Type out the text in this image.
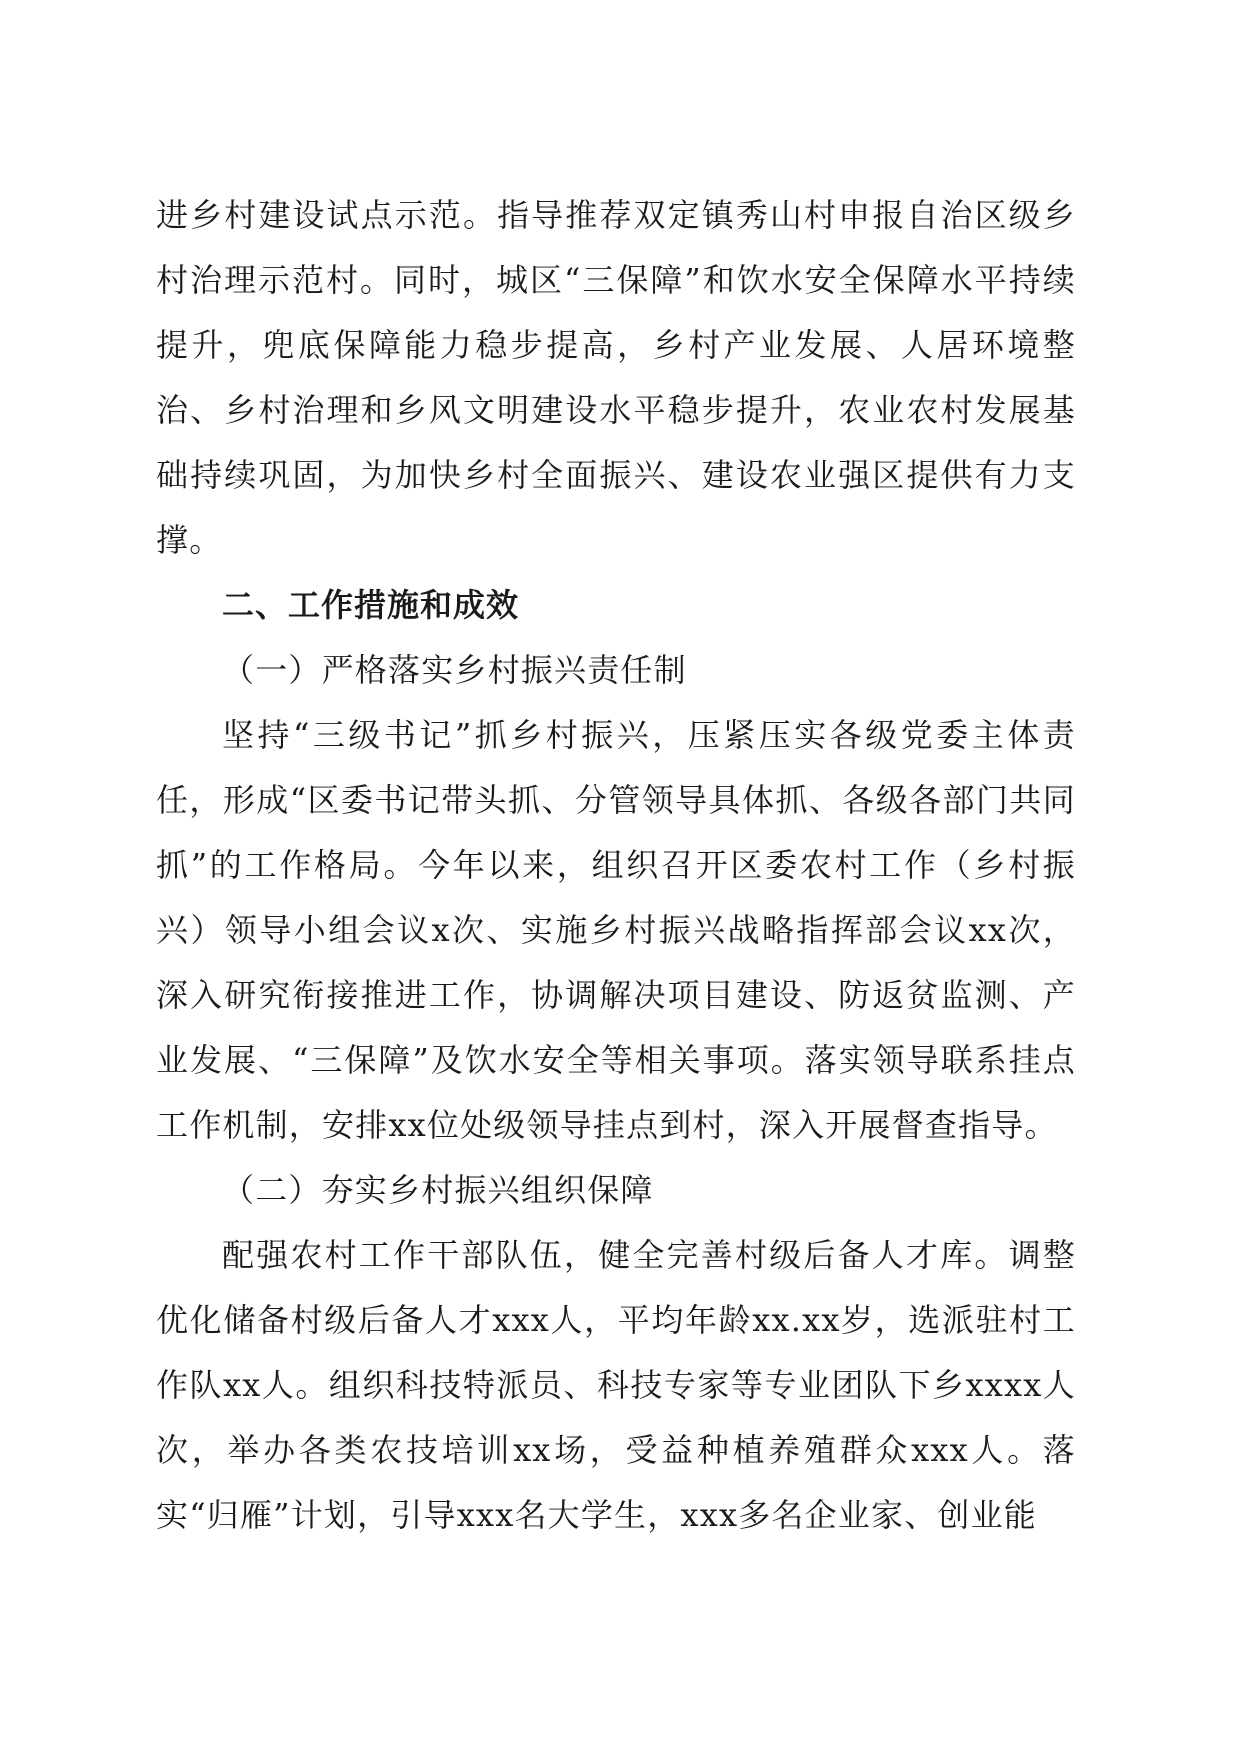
进乡村建设试点示范。指导推荐双定镇秀山村申报自治区级乡村治理示范村。同时，城区“三保障”和饮水安全保障水平持续提升，兜底保障能力稳步提高，乡村产业发展、人居环境整治、乡村治理和乡风文明建设水平稳步提升，农业农村发展基础持续巩固，为加快乡村全面振兴、建设农业强区提供有力支撑。

二、工作措施和成效
（一）严格落实乡村振兴责任制

坚持“三级书记”抓乡村振兴，压紧压实各级党委主体责任，形成“区委书记带头抓、分管领导具体抓、各级各部门共同抓”的工作格局。今年以来，组织召开区委农村工作（乡村振兴）领导小组会议x次、实施乡村振兴战略指挥部会议xx次，深入研究衔接推进工作，协调解决项目建设、防返贫监测、产业发展、“三保障”及饮水安全等相关事项。落实领导联系挂点工作机制，安排xx位处级领导挂点到村，深入开展督查指导。

（二）夯实乡村振兴组织保障

配强农村工作干部队伍，健全完善村级后备人才库。调整优化储备村级后备人才xxx人，平均年龄xx.xx岁，选派驻村工作队xx人。组织科技特派员、科技专家等专业团队下乡xxxx人次，举办各类农技培训xx场，受益种植养殖群众xxx人。落实“归雁”计划，引导xxx名大学生，xxx多名企业家、创业能
